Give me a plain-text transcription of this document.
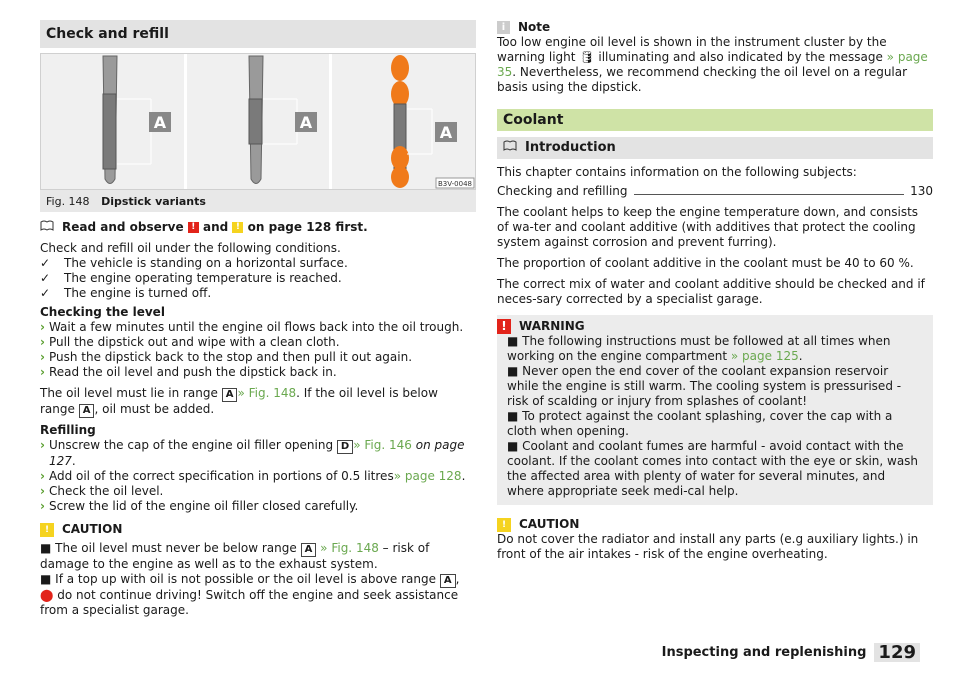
Check and refill
A	A
A
B3V-0048
Fig. 148 Dipstick variants
Read and observe ! and ! on page 128 first.

Check and refill oil under the following conditions.

✓ The vehicle is standing on a horizontal surface.
✓ The engine operating temperature is reached.
✓ The engine is turned off.

Checking the level

› Wait a few minutes until the engine oil flows back into the oil trough.
› Pull the dipstick out and wipe with a clean cloth.
› Push the dipstick back to the stop and then pull it out again.
› Read the oil level and push the dipstick back in.

The oil level must lie in range A » Fig. 148. If the oil level is below range A , oil must be added.

Refilling

› Unscrew the cap of the engine oil filler opening D » Fig. 146 on page 127.
› Add oil of the correct specification in portions of 0.5 litres» page 128.
› Check the oil level.
› Screw the lid of the engine oil filler closed carefully.
!	CAUTION

■ The oil level must never be below range A » Fig. 148 – risk of damage to the engine as well as to the exhaust system.

■ If a top up with oil is not possible or the oil level is above range A , ⬤ do not continue driving! Switch off the engine and seek assistance from a specialist garage.

i	Note

Too low engine oil level is shown in the instrument cluster by the warning light 🛢 illuminating and also indicated by the message » page 35. Nevertheless, we recommend checking the oil level on a regular basis using the dipstick.

Coolant
Introduction

This chapter contains information on the following subjects:

Checking and refilling	130

The coolant helps to keep the engine temperature down, and consists of wa-ter and coolant additive (with additives that protect the cooling system against corrosion and prevent furring).

The proportion of coolant additive in the coolant must be 40 to 60 %.

The correct mix of water and coolant additive should be checked and if neces-sary corrected by a specialist garage.

!	WARNING

■ The following instructions must be followed at all times when working on the engine compartment » page 125.

■ Never open the end cover of the coolant expansion reservoir while the engine is still warm. The cooling system is pressurised - risk of scalding or injury from splashes of coolant!

■ To protect against the coolant splashing, cover the cap with a cloth when opening.

■ Coolant and coolant fumes are harmful - avoid contact with the coolant. If the coolant comes into contact with the eye or skin, wash the affected area with plenty of water for several minutes, and where appropriate seek medi-cal help.

!	CAUTION

Do not cover the radiator and install any parts (e.g auxiliary lights.) in front of the air intakes - risk of the engine overheating.

Inspecting and replenishing 129
